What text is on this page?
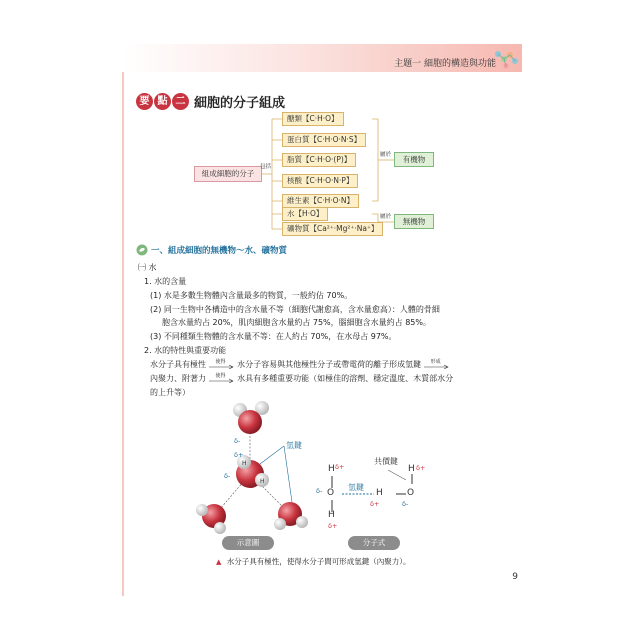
主題一 細胞的構造與功能
要 點 二 細胞的分子組成
組成細胞的分子
包括
醣類【C‧H‧O】
蛋白質【C‧H‧O‧N‧S】
脂質【C‧H‧O‧(P)】
核酸【C‧H‧O‧N‧P】
維生素【C‧H‧O‧N】
水【H‧O】
礦物質【Ca²⁺‧Mg²⁺‧Na⁺】
屬於
屬於
有機物
無機物
一、組成細胞的無機物～水、礦物質
㈠ 水
1. 水的含量
(1) 水是多數生物體內含量最多的物質，一般約佔 70%。
(2) 同一生物中各構造中的含水量不等（細胞代謝愈高，含水量愈高）：人體的骨細
胞含水量約占 20%，肌肉細胞含水量約占 75%，腦細胞含水量約占 85%。
(3) 不同種類生物體的含水量不等：在人約占 70%，在水母占 97%。
2. 水的特性與重要功能
水分子具有極性 使得 水分子容易與其他極性分子或帶電荷的離子形成氫鍵 形成
內聚力、附著力 使得 水具有多種重要功能（如極佳的溶劑、穩定溫度、木質部水分
的上升等）
δ-
δ+
δ-
H
H
氫鍵
H δ+
O
δ-
H
δ+
氫鍵
H
δ+
O
δ-
H δ+
共價鍵
示意圖	分子式
▲ 水分子具有極性，使得水分子間可形成氫鍵（內聚力）。
9
